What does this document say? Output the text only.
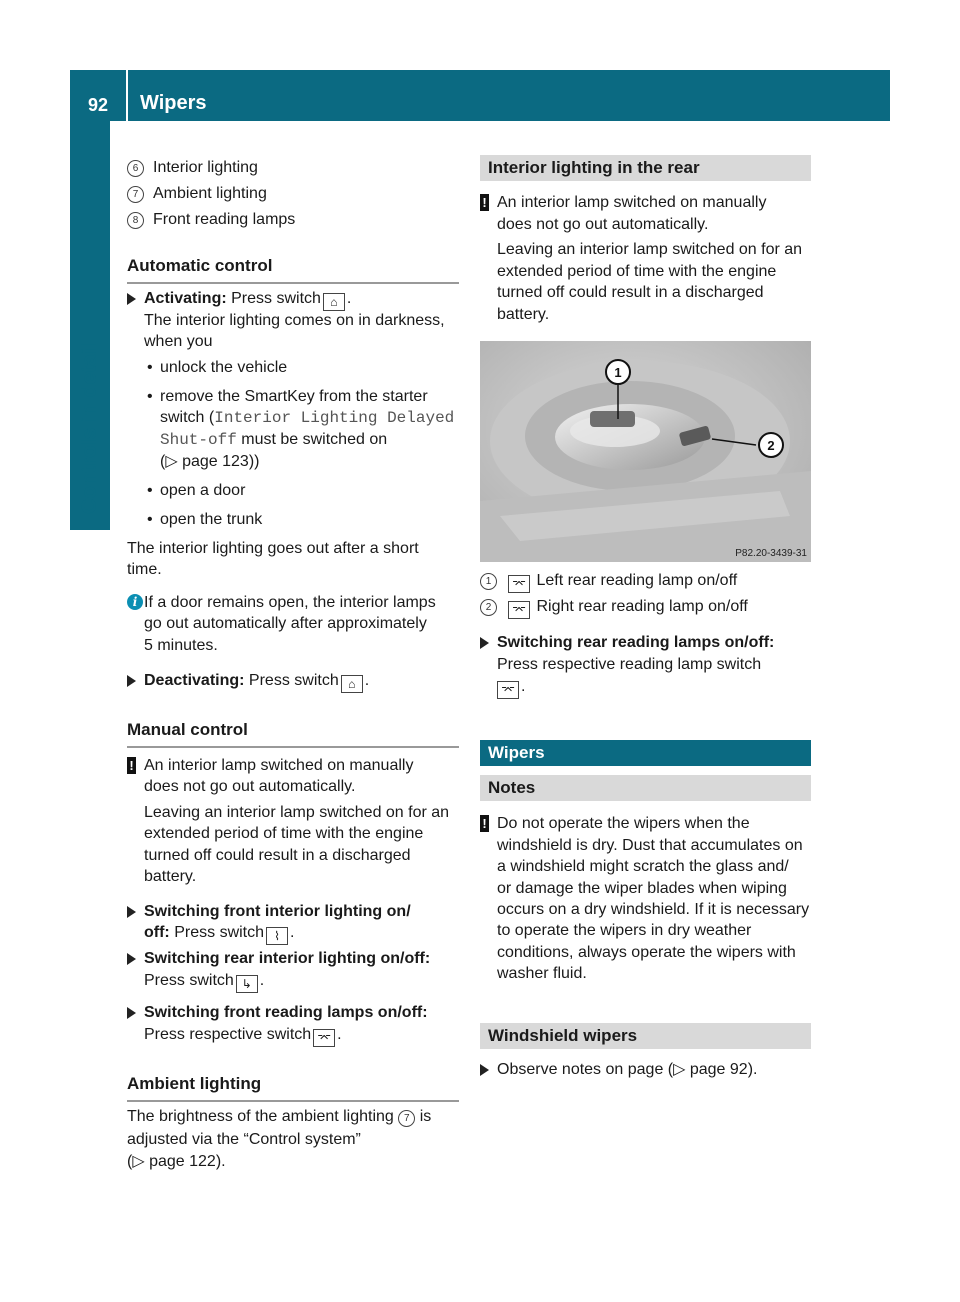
92 Wipers
Controls in detail
6 Interior lighting
7 Ambient lighting
8 Front reading lamps
Automatic control
Activating: Press switch ⌂ .
The interior lighting comes on in darkness,
when you
• unlock the vehicle
• remove the SmartKey from the starter
switch (Interior Lighting Delayed
Shut-off must be switched on
(▷ page 123))
• open a door
• open the trunk
The interior lighting goes out after a short
time.
i If a door remains open, the interior lamps
go out automatically after approximately
5 minutes.
Deactivating: Press switch ⌂ .
Manual control
! An interior lamp switched on manually
does not go out automatically.
Leaving an interior lamp switched on for an
extended period of time with the engine
turned off could result in a discharged
battery.
Switching front interior lighting on/
off: Press switch ⌇ .
Switching rear interior lighting on/off:
Press switch ↳ .
Switching front reading lamps on/off:
Press respective switch ⌤ .
Ambient lighting
The brightness of the ambient lighting 7 is
adjusted via the “Control system”
(▷ page 122).
Interior lighting in the rear
! An interior lamp switched on manually
does not go out automatically.
Leaving an interior lamp switched on for an
extended period of time with the engine
turned off could result in a discharged
battery.
1	⌤ Left rear reading lamp on/off
2	⌤ Right rear reading lamp on/off
Switching rear reading lamps on/off:
Press respective reading lamp switch
⌤ .
! Do not operate the wipers when the
windshield is dry. Dust that accumulates on
a windshield might scratch the glass and/
or damage the wiper blades when wiping
occurs on a dry windshield. If it is necessary
to operate the wipers in dry weather
conditions, always operate the wipers with
washer fluid.
Observe notes on page (▷ page 92).
1
2
P82.20-3439-31
Wipers
Notes
Windshield wipers
